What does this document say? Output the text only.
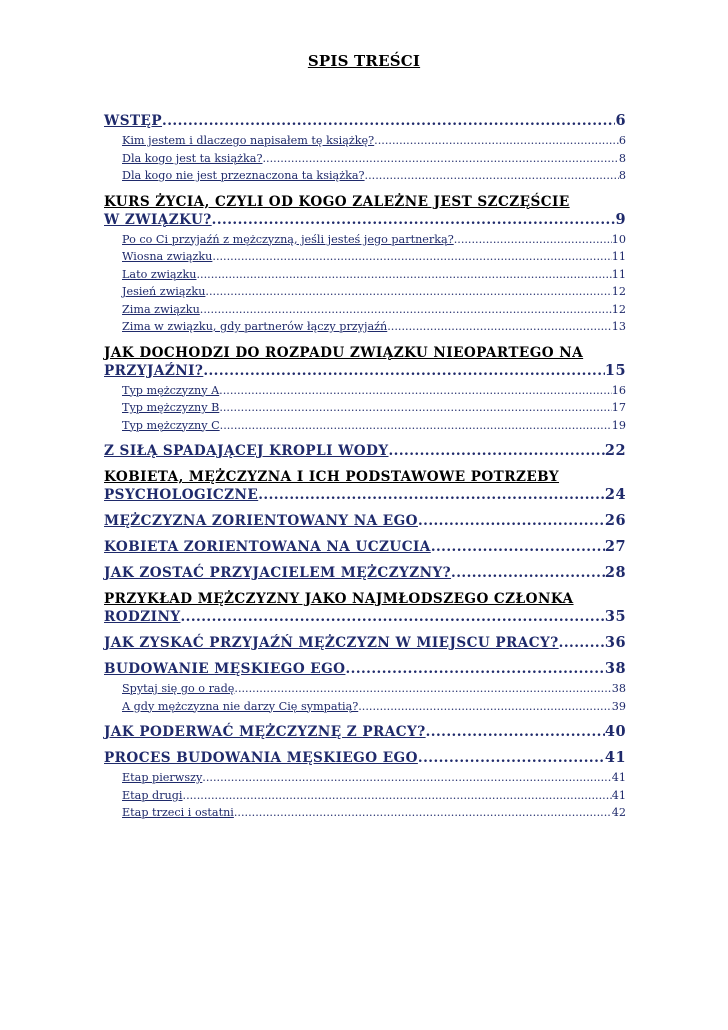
SPIS TREŚCI
WSTĘP .....	6
Kim jestem i dlaczego napisałem tę książkę? .....	6
Dla kogo jest ta książka? .....	8
Dla kogo nie jest przeznaczona ta książka? .....	8
KURS ŻYCIA, CZYLI OD KOGO ZALEŻNE JEST SZCZĘŚCIE
W ZWIĄZKU? .....	9
Po co Ci przyjaźń z mężczyzną, jeśli jesteś jego partnerką? .....	10
Wiosna związku .....	11
Lato związku .....	11
Jesień związku .....	12
Zima związku .....	12
Zima w związku, gdy partnerów łączy przyjaźń .....	13
JAK DOCHODZI DO ROZPADU ZWIĄZKU NIEOPARTEGO NA
PRZYJAŹNI? .....	15
Typ mężczyzny A .....	16
Typ mężczyzny B .....	17
Typ mężczyzny C .....	19
Z SIŁĄ SPADAJĄCEJ KROPLI WODY .....	22
KOBIETA, MĘŻCZYZNA I ICH PODSTAWOWE POTRZEBY
PSYCHOLOGICZNE .....	24
MĘŻCZYZNA ZORIENTOWANY NA EGO .....	26
KOBIETA ZORIENTOWANA NA UCZUCIA .....	27
JAK ZOSTAĆ PRZYJACIELEM MĘŻCZYZNY? .....	28
PRZYKŁAD MĘŻCZYZNY JAKO NAJMŁODSZEGO CZŁONKA
RODZINY .....	35
JAK ZYSKAĆ PRZYJAŹŃ MĘŻCZYZN W MIEJSCU PRACY? .....	36
BUDOWANIE MĘSKIEGO EGO .....	38
Spytaj się go o radę .....	38
A gdy mężczyzna nie darzy Cię sympatią? .....	39
JAK PODERWAĆ MĘŻCZYZNĘ Z PRACY? .....	40
PROCES BUDOWANIA MĘSKIEGO EGO .....	41
Etap pierwszy .....	41
Etap drugi .....	41
Etap trzeci i ostatni .....	42
